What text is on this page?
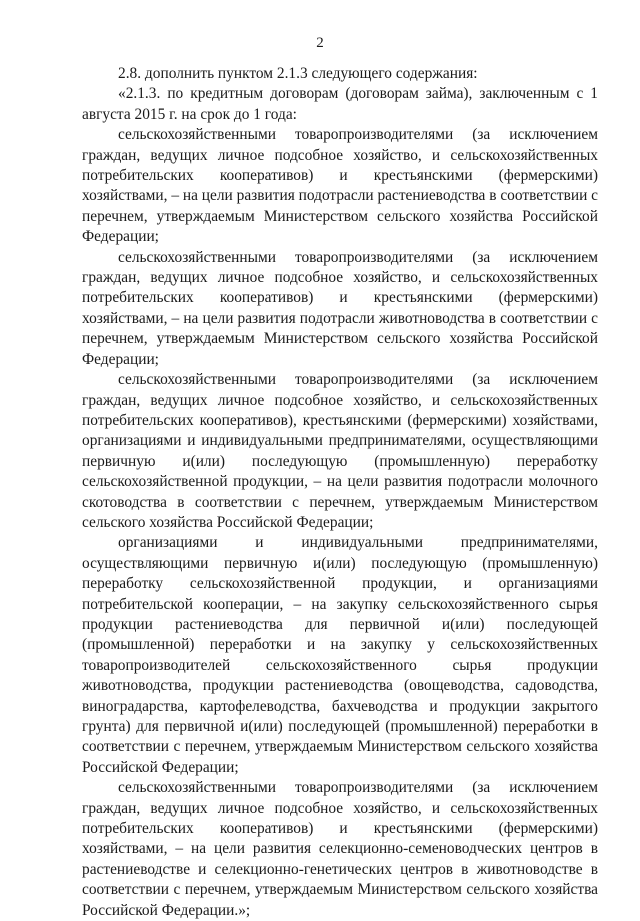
2

2.8. дополнить пунктом 2.1.3 следующего содержания:

«2.1.3. по кредитным договорам (договорам займа), заключенным с 1 августа 2015 г. на срок до 1 года:

сельскохозяйственными товаропроизводителями (за исключением граждан, ведущих личное подсобное хозяйство, и сельскохозяйственных потребительских кооперативов) и крестьянскими (фермерскими) хозяйствами, – на цели развития подотрасли растениеводства в соответствии с перечнем, утверждаемым Министерством сельского хозяйства Российской Федерации;

сельскохозяйственными товаропроизводителями (за исключением граждан, ведущих личное подсобное хозяйство, и сельскохозяйственных потребительских кооперативов) и крестьянскими (фермерскими) хозяйствами, – на цели развития подотрасли животноводства в соответствии с перечнем, утверждаемым Министерством сельского хозяйства Российской Федерации;

сельскохозяйственными товаропроизводителями (за исключением граждан, ведущих личное подсобное хозяйство, и сельскохозяйственных потребительских кооперативов), крестьянскими (фермерскими) хозяйствами, организациями и индивидуальными предпринимателями, осуществляющими первичную и(или) последующую (промышленную) переработку сельскохозяйственной продукции, – на цели развития подотрасли молочного скотоводства в соответствии с перечнем, утверждаемым Министерством сельского хозяйства Российской Федерации;

организациями и индивидуальными предпринимателями, осуществляющими первичную и(или) последующую (промышленную) переработку сельскохозяйственной продукции, и организациями потребительской кооперации, – на закупку сельскохозяйственного сырья продукции растениеводства для первичной и(или) последующей (промышленной) переработки и на закупку у сельскохозяйственных товаропроизводителей сельскохозяйственного сырья продукции животноводства, продукции растениеводства (овощеводства, садоводства, виноградарства, картофелеводства, бахчеводства и продукции закрытого грунта) для первичной и(или) последующей (промышленной) переработки в соответствии с перечнем, утверждаемым Министерством сельского хозяйства Российской Федерации;

сельскохозяйственными товаропроизводителями (за исключением граждан, ведущих личное подсобное хозяйство, и сельскохозяйственных потребительских кооперативов) и крестьянскими (фермерскими) хозяйствами, – на цели развития селекционно-семеноводческих центров в растениеводстве и селекционно-генетических центров в животноводстве в соответствии с перечнем, утверждаемым Министерством сельского хозяйства Российской Федерации.»;
